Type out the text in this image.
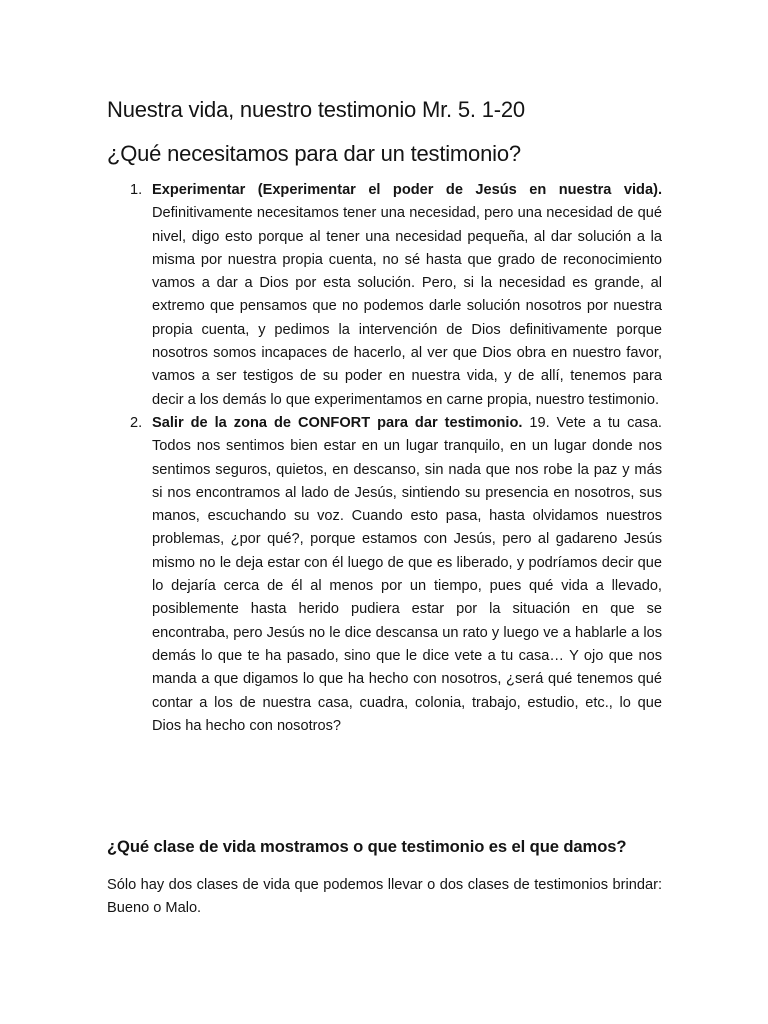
Nuestra vida, nuestro testimonio Mr. 5. 1-20
¿Qué necesitamos para dar un testimonio?
1. Experimentar (Experimentar el poder de Jesús en nuestra vida). Definitivamente necesitamos tener una necesidad, pero una necesidad de qué nivel, digo esto porque al tener una necesidad pequeña, al dar solución a la misma por nuestra propia cuenta, no sé hasta que grado de reconocimiento vamos a dar a Dios por esta solución. Pero, si la necesidad es grande, al extremo que pensamos que no podemos darle solución nosotros por nuestra propia cuenta, y pedimos la intervención de Dios definitivamente porque nosotros somos incapaces de hacerlo, al ver que Dios obra en nuestro favor, vamos a ser testigos de su poder en nuestra vida, y de allí, tenemos para decir a los demás lo que experimentamos en carne propia, nuestro testimonio.
2. Salir de la zona de CONFORT para dar testimonio. 19. Vete a tu casa. Todos nos sentimos bien estar en un lugar tranquilo, en un lugar donde nos sentimos seguros, quietos, en descanso, sin nada que nos robe la paz y más si nos encontramos al lado de Jesús, sintiendo su presencia en nosotros, sus manos, escuchando su voz. Cuando esto pasa, hasta olvidamos nuestros problemas, ¿por qué?, porque estamos con Jesús, pero al gadareno Jesús mismo no le deja estar con él luego de que es liberado, y podríamos decir que lo dejaría cerca de él al menos por un tiempo, pues qué vida a llevado, posiblemente hasta herido pudiera estar por la situación en que se encontraba, pero Jesús no le dice descansa un rato y luego ve a hablarle a los demás lo que te ha pasado, sino que le dice vete a tu casa… Y ojo que nos manda a que digamos lo que ha hecho con nosotros, ¿será qué tenemos qué contar a los de nuestra casa, cuadra, colonia, trabajo, estudio, etc., lo que Dios ha hecho con nosotros?
¿Qué clase de vida mostramos o que testimonio es el que damos?

Sólo hay dos clases de vida que podemos llevar o dos clases de testimonios brindar: Bueno o Malo.
